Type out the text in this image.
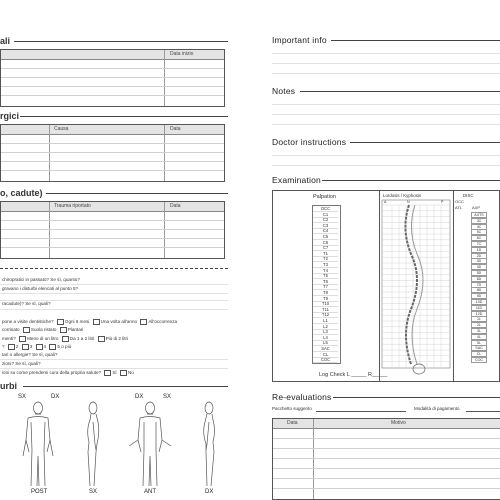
ali
Data inizio
rgici
Causa	Data
o, cadute)
Trauma riportato	Data
chiropratici in passato? Se sì, quanto?
gravano i disturbi elencati al punto 5?
racadute)? Se sì, quali?
pone a visite dentistiche? Ogni 6 mesi Una volta all'anno All'occorrenza
corrisato Suola ristato Plantari
menti? Meno di un litro Da 1 a 2 litri Più di 2 litri
? 2 3 4 5 o più
tari o allergie? Se sì, quali?
zioni? Se sì, quali?
ioni su come prendersi cura della propria salute? Sì No
urbi
SX	DX	DX	SX
POST	SX	ANT	DX
Important info
Notes
Doctor instructions
Examination
Palpation
Log Check L _____ R_____
Lordosis / Kyphosis
A	N	P
DISC
OCC
ATL AXP
OCC
C1
C2
C3
C4
C5
C6
C7
T1
T2
T3
T4
T5
T6
T7
T8
T9
T10
T11
T12
L1
L2
L3
L4
L5
SAC
CL
COC
AXTS
3C
4C
5C
6C
7C
1D
2D
3D
4D
5D
6D
7D
8D
9D
10D
11D
12D
1L
2L
3L
4L
5L
SAC
CL
COC
Re-evaluations
Pacchetto suggerito	Modalità di pagamento
Data	Motivo
